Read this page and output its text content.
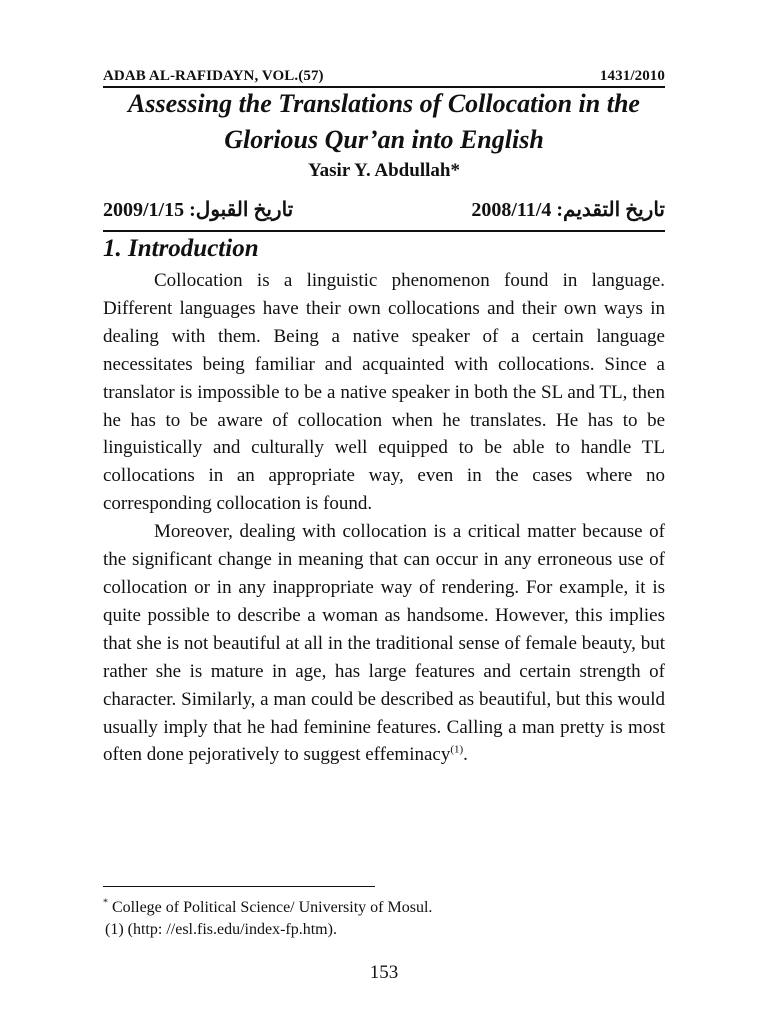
ADAB AL-RAFIDAYN, VOL.(57)	1431/2010
Assessing the Translations of Collocation in the
Glorious Qur’an into English
Yasir Y. Abdullah*
تاريخ التقديم: 2008/11/4
تاريخ القبول: 2009/1/15
1. Introduction

Collocation is a linguistic phenomenon found in language. Different languages have their own collocations and their own ways in dealing with them. Being a native speaker of a certain language necessitates being familiar and acquainted with collocations. Since a translator is impossible to be a native speaker in both the SL and TL, then he has to be aware of collocation when he translates. He has to be linguistically and culturally well equipped to be able to handle TL collocations in an appropriate way, even in the cases where no corresponding collocation is found.

Moreover, dealing with collocation is a critical matter because of the significant change in meaning that can occur in any erroneous use of collocation or in any inappropriate way of rendering. For example, it is quite possible to describe a woman as handsome. However, this implies that she is not beautiful at all in the traditional sense of female beauty, but rather she is mature in age, has large features and certain strength of character. Similarly, a man could be described as beautiful, but this would usually imply that he had feminine features. Calling a man pretty is most often done pejoratively to suggest effeminacy$^{(1)}$.

* College of Political Science/ University of Mosul.
(1) (http: //esl.fis.edu/index-fp.htm).
153
